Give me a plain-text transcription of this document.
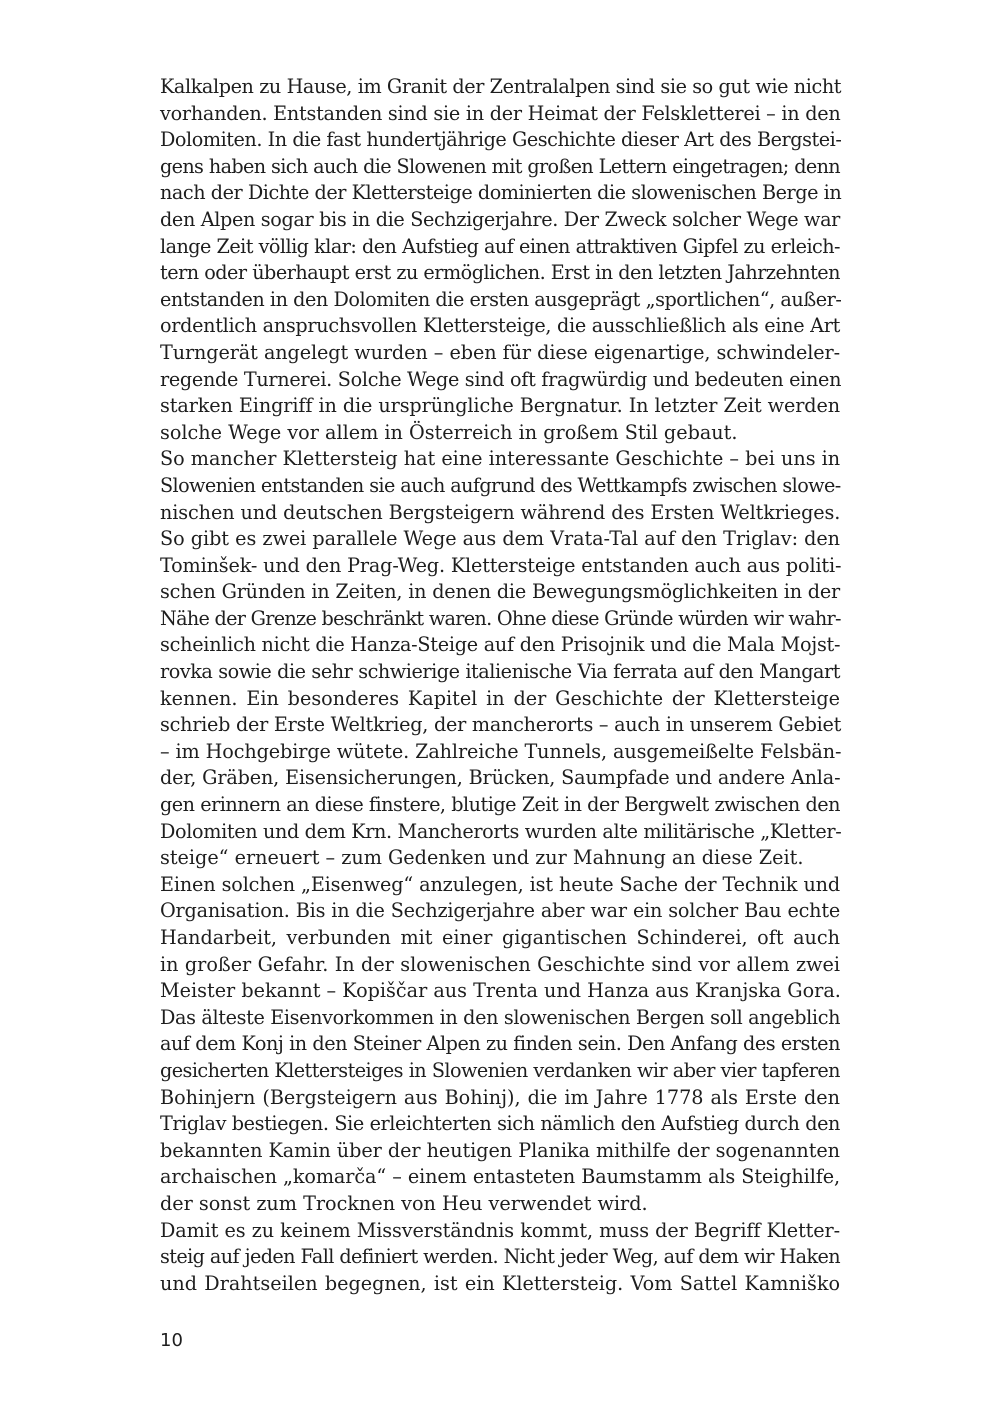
Kalkalpen zu Hause, im Granit der Zentralalpen sind sie so gut wie nicht
vorhanden. Entstanden sind sie in der Heimat der Felskletterei – in den
Dolomiten. In die fast hundertjährige Geschichte dieser Art des Bergstei-
gens haben sich auch die Slowenen mit großen Lettern eingetragen; denn
nach der Dichte der Klettersteige dominierten die slowenischen Berge in
den Alpen sogar bis in die Sechzigerjahre. Der Zweck solcher Wege war
lange Zeit völlig klar: den Aufstieg auf einen attraktiven Gipfel zu erleich-
tern oder überhaupt erst zu ermöglichen. Erst in den letzten Jahrzehnten
entstanden in den Dolomiten die ersten ausgeprägt „sportlichen“, außer-
ordentlich anspruchsvollen Klettersteige, die ausschließlich als eine Art
Turngerät angelegt wurden – eben für diese eigenartige, schwindeler-
regende Turnerei. Solche Wege sind oft fragwürdig und bedeuten einen
starken Eingriff in die ursprüngliche Bergnatur. In letzter Zeit werden
solche Wege vor allem in Österreich in großem Stil gebaut.
So mancher Klettersteig hat eine interessante Geschichte – bei uns in
Slowenien entstanden sie auch aufgrund des Wettkampfs zwischen slowe-
nischen und deutschen Bergsteigern während des Ersten Weltkrieges.
So gibt es zwei parallele Wege aus dem Vrata-Tal auf den Triglav: den
Tominšek- und den Prag-Weg. Klettersteige entstanden auch aus politi-
schen Gründen in Zeiten, in denen die Bewegungsmöglichkeiten in der
Nähe der Grenze beschränkt waren. Ohne diese Gründe würden wir wahr-
scheinlich nicht die Hanza-Steige auf den Prisojnik und die Mala Mojst-
rovka sowie die sehr schwierige italienische Via ferrata auf den Mangart
kennen. Ein besonderes Kapitel in der Geschichte der Klettersteige
schrieb der Erste Weltkrieg, der mancherorts – auch in unserem Gebiet
– im Hochgebirge wütete. Zahlreiche Tunnels, ausgemeißelte Felsbän-
der, Gräben, Eisensicherungen, Brücken, Saumpfade und andere Anla-
gen erinnern an diese finstere, blutige Zeit in der Bergwelt zwischen den
Dolomiten und dem Krn. Mancherorts wurden alte militärische „Kletter-
steige“ erneuert – zum Gedenken und zur Mahnung an diese Zeit.
Einen solchen „Eisenweg“ anzulegen, ist heute Sache der Technik und
Organisation. Bis in die Sechzigerjahre aber war ein solcher Bau echte
Handarbeit, verbunden mit einer gigantischen Schinderei, oft auch
in großer Gefahr. In der slowenischen Geschichte sind vor allem zwei
Meister bekannt – Kopiščar aus Trenta und Hanza aus Kranjska Gora.
Das älteste Eisenvorkommen in den slowenischen Bergen soll angeblich
auf dem Konj in den Steiner Alpen zu finden sein. Den Anfang des ersten
gesicherten Klettersteiges in Slowenien verdanken wir aber vier tapferen
Bohinjern (Bergsteigern aus Bohinj), die im Jahre 1778 als Erste den
Triglav bestiegen. Sie erleichterten sich nämlich den Aufstieg durch den
bekannten Kamin über der heutigen Planika mithilfe der sogenannten
archaischen „komarča“ – einem entasteten Baumstamm als Steighilfe,
der sonst zum Trocknen von Heu verwendet wird.
Damit es zu keinem Missverständnis kommt, muss der Begriff Kletter-
steig auf jeden Fall definiert werden. Nicht jeder Weg, auf dem wir Haken
und Drahtseilen begegnen, ist ein Klettersteig. Vom Sattel Kamniško
10
